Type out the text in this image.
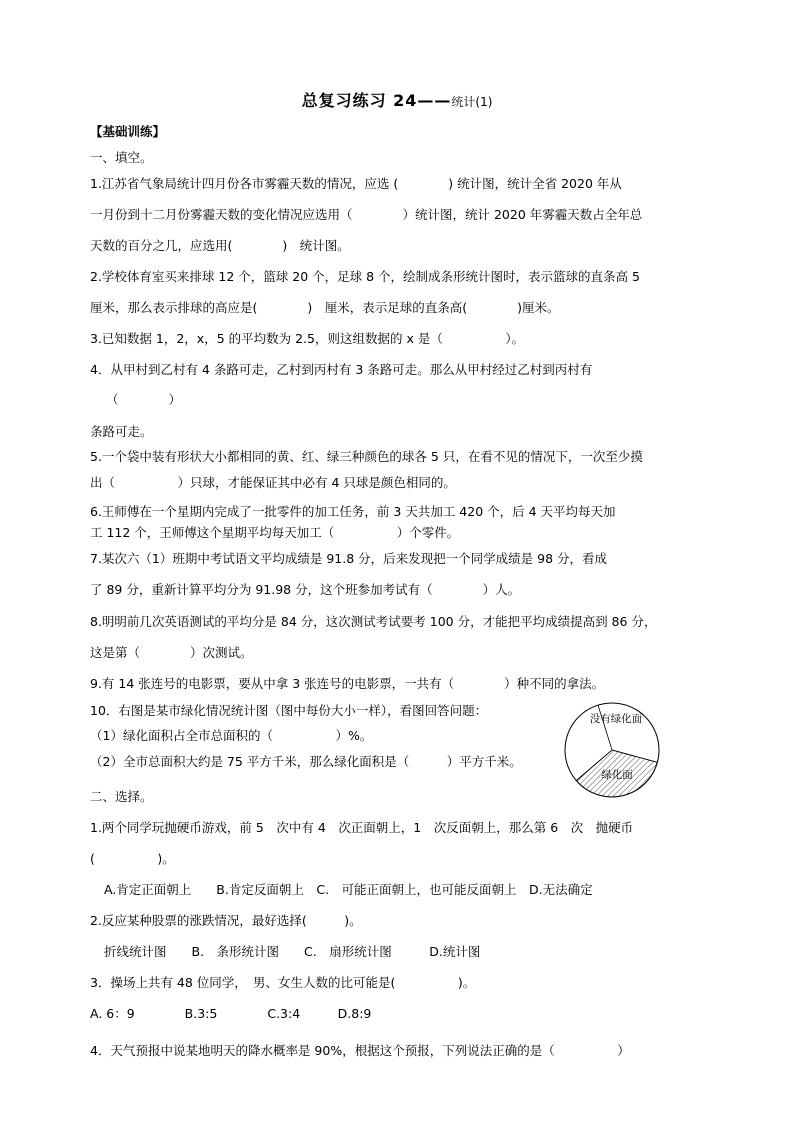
总复习练习 24——统计(1)
【基础训练】
一、填空。
1.江苏省气象局统计四月份各市雾霾天数的情况，应选 (　　　　) 统计图，统计全省 2020 年从
一月份到十二月份雾霾天数的变化情况应选用（　　　　）统计图，统计 2020 年雾霾天数占全年总
天数的百分之几，应选用(　　　　)　统计图。
2.学校体育室买来排球 12 个，篮球 20 个，足球 8 个，绘制成条形统计图时，表示篮球的直条高 5
厘米，那么表示排球的高应是(　　　　)　厘米，表示足球的直条高(　　　　)厘米。
3.已知数据 1，2，x，5 的平均数为 2.5，则这组数据的 x 是（　　　　　）。
4．从甲村到乙村有 4 条路可走，乙村到丙村有 3 条路可走。那么从甲村经过乙村到丙村有
（　　　　）
条路可走。
5.一个袋中装有形状大小都相同的黄、红、绿三种颜色的球各 5 只，在看不见的情况下，一次至少摸
出（　　　　　）只球，才能保证其中必有 4 只球是颜色相同的。
6.王师傅在一个星期内完成了一批零件的加工任务，前 3 天共加工 420 个，后 4 天平均每天加
工 112 个，王师傅这个星期平均每天加工（　　　　　）个零件。
7.某次六（1）班期中考试语文平均成绩是 91.8 分，后来发现把一个同学成绩是 98 分，看成
了 89 分，重新计算平均分为 91.98 分，这个班参加考试有（　　　　）人。
8.明明前几次英语测试的平均分是 84 分，这次测试考试要考 100 分，才能把平均成绩提高到 86 分，
这是第（　　　　）次测试。
9.有 14 张连号的电影票，要从中拿 3 张连号的电影票，一共有（　　　　）种不同的拿法。
10．右图是某市绿化情况统计图（图中每份大小一样），看图回答问题：
（1）绿化面积占全市总面积的（　　　　　）%。
（2）全市总面积大约是 75 平方千米，那么绿化面积是（　　　）平方千米。
没有绿化面
绿化面
二、选择。
1.两个同学玩抛硬币游戏，前 5　次中有 4　次正面朝上，1　次反面朝上，那么第 6　次　抛硬币
(　　　　　)。
A.肯定正面朝上　　B.肯定反面朝上　C.　可能正面朝上，也可能反面朝上　D.无法确定
2.反应某种股票的涨跌情况，最好选择(　　　)。
折线统计图　　B.　条形统计图　　C.　扇形统计图　　　D.统计图
3．操场上共有 48 位同学，　男、女生人数的比可能是(　　　　　)。
A. 6：9　　　　B.3:5　　　　C.3:4　　　D.8:9
4．天气预报中说某地明天的降水概率是 90%，根据这个预报，下列说法正确的是（　　　　　）
